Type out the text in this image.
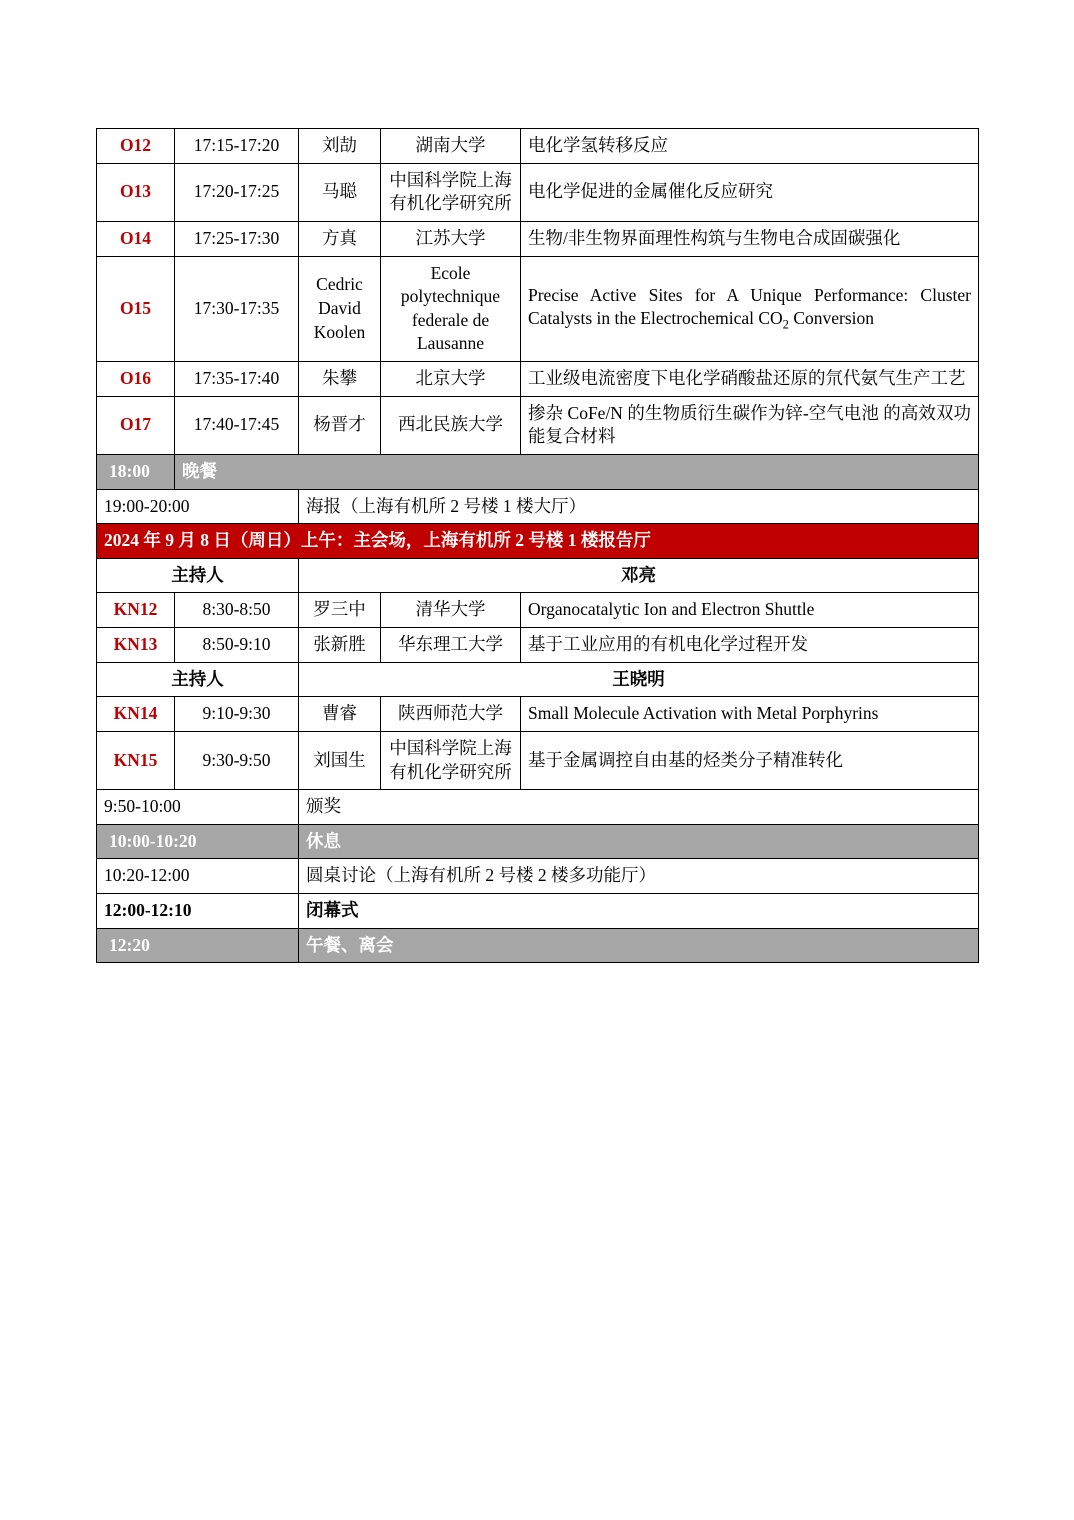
O12	17:15-17:20	刘劼	湖南大学	电化学氢转移反应
O13	17:20-17:25	马聪	中国科学院上海有机化学研究所	电化学促进的金属催化反应研究
O14	17:25-17:30	方真	江苏大学	生物/非生物界面理性构筑与生物电合成固碳强化
O15	17:30-17:35	Cedric David Koolen	Ecole polytechnique federale de Lausanne	Precise Active Sites for A Unique Performance: Cluster Catalysts in the Electrochemical $CO_2$ Conversion
O16	17:35-17:40	朱攀	北京大学	工业级电流密度下电化学硝酸盐还原的氘代氨气生产工艺
O17	17:40-17:45	杨晋才	西北民族大学	掺杂 CoFe/N 的生物质衍生碳作为锌-空气电池 的高效双功能复合材料
18:00	晚餐			
19:00-20:00		海报（上海有机所 2 号楼 1 楼大厅）		
2024 年 9 月 8 日（周日）上午：主会场，上海有机所 2 号楼 1 楼报告厅				
主持人		邓亮		
KN12	8:30-8:50	罗三中	清华大学	Organocatalytic Ion and Electron Shuttle
KN13	8:50-9:10	张新胜	华东理工大学	基于工业应用的有机电化学过程开发
主持人		王晓明		
KN14	9:10-9:30	曹睿	陕西师范大学	Small Molecule Activation with Metal Porphyrins
KN15	9:30-9:50	刘国生	中国科学院上海有机化学研究所	基于金属调控自由基的烃类分子精准转化
9:50-10:00		颁奖		
10:00-10:20		休息		
10:20-12:00		圆桌讨论（上海有机所 2 号楼 2 楼多功能厅）		
12:00-12:10		闭幕式		
12:20		午餐、离会		
